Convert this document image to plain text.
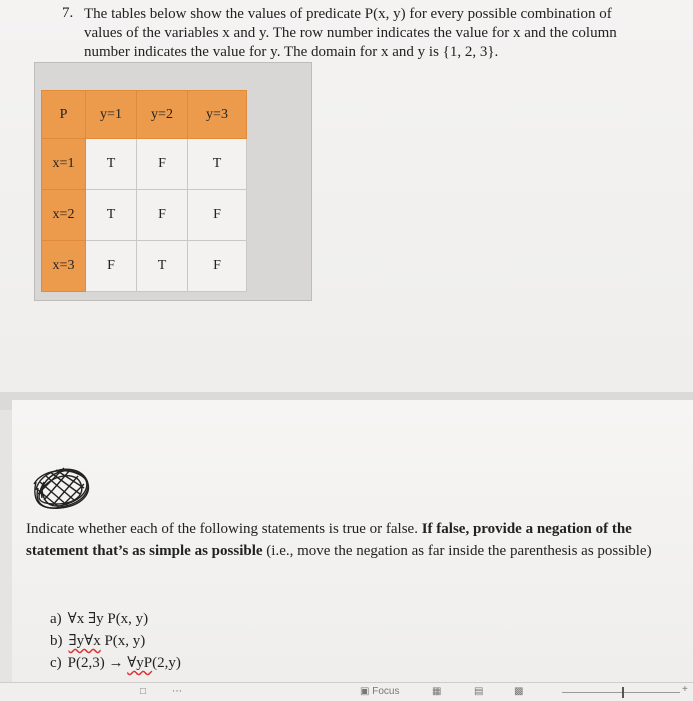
7. The tables below show the values of predicate P(x, y) for every possible combination of

values of the variables x and y. The row number indicates the value for x and the column

number indicates the value for y. The domain for x and y is {1, 2, 3}.

P	y=1	y=2	y=3
x=1	T	F	T
x=2	T	F	F
x=3	F	T	F

Indicate whether each of the following statements is true or false. If false, provide a negation of the statement that’s as simple as possible (i.e., move the negation as far inside the parenthesis as possible)

a) ∀x ∃y P(x, y)
b) ∃y∀x P(x, y)
c) P(2,3) → ∀yP(2,y)
□	⋯	▣ Focus	▦	▤	▩	+
